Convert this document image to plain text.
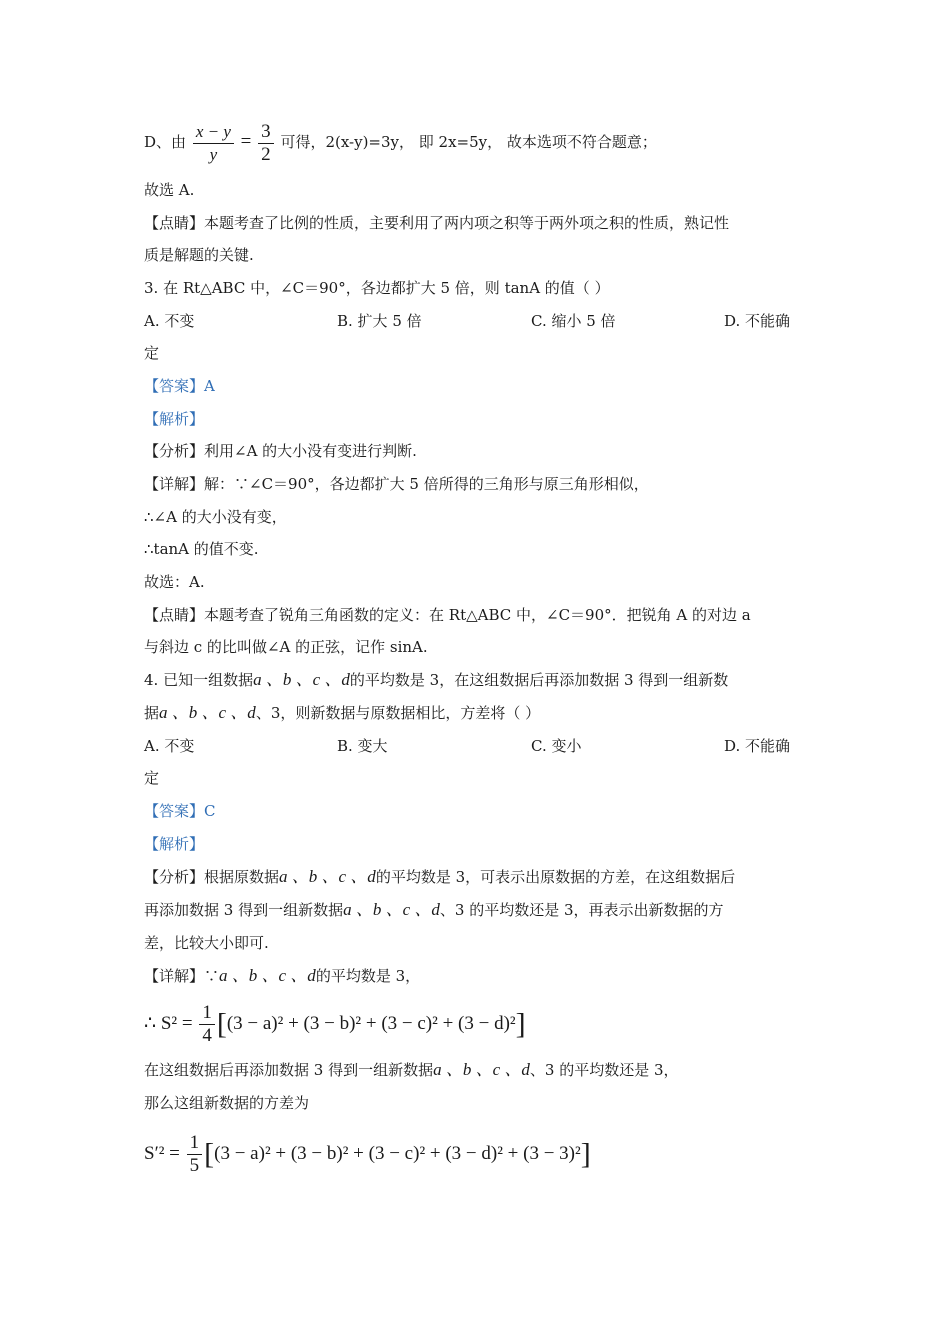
D、由 $\frac{x - y}{y} = \frac{3}{2}$ 可得，2(x-y)=3y， 即 2x=5y， 故本选项不符合题意；
故选 A.
【点睛】本题考查了比例的性质，主要利用了两内项之积等于两外项之积的性质，熟记性
质是解题的关键.
3. 在 Rt△ABC 中，∠C＝90°，各边都扩大 5 倍，则 tanA 的值（ ）
A. 不变	B. 扩大 5 倍	C. 缩小 5 倍	D. 不能确
定
【答案】A
【解析】
【分析】利用∠A 的大小没有变进行判断.
【详解】解：∵∠C＝90°，各边都扩大 5 倍所得的三角形与原三角形相似，
∴∠A 的大小没有变，
∴tanA 的值不变.
故选：A.
【点睛】本题考查了锐角三角函数的定义：在 Rt△ABC 中，∠C＝90°．把锐角 A 的对边 a
与斜边 c 的比叫做∠A 的正弦，记作 sinA.
4. 已知一组数据a 、b 、c 、d的平均数是 3，在这组数据后再添加数据 3 得到一组新数
据a 、b 、c 、d、3，则新数据与原数据相比，方差将（ ）
A. 不变	B. 变大	C. 变小	D. 不能确
定
【答案】C
【解析】
【分析】根据原数据a 、b 、c 、d的平均数是 3，可表示出原数据的方差，在这组数据后
再添加数据 3 得到一组新数据a 、b 、c 、d、3 的平均数还是 3，再表示出新数据的方
差，比较大小即可.
【详解】∵a 、b 、c 、d的平均数是 3，
∴ $S^2 = \frac{1}{4} [(3 - a)^2 + (3 - b)^2 + (3 - c)^2 + (3 - d)^2]$
在这组数据后再添加数据 3 得到一组新数据a 、b 、c 、d、3 的平均数还是 3，
那么这组新数据的方差为
$S'^2 = \frac{1}{5} [(3 - a)^2 + (3 - b)^2 + (3 - c)^2 + (3 - d)^2 + (3 - 3)^2]$
